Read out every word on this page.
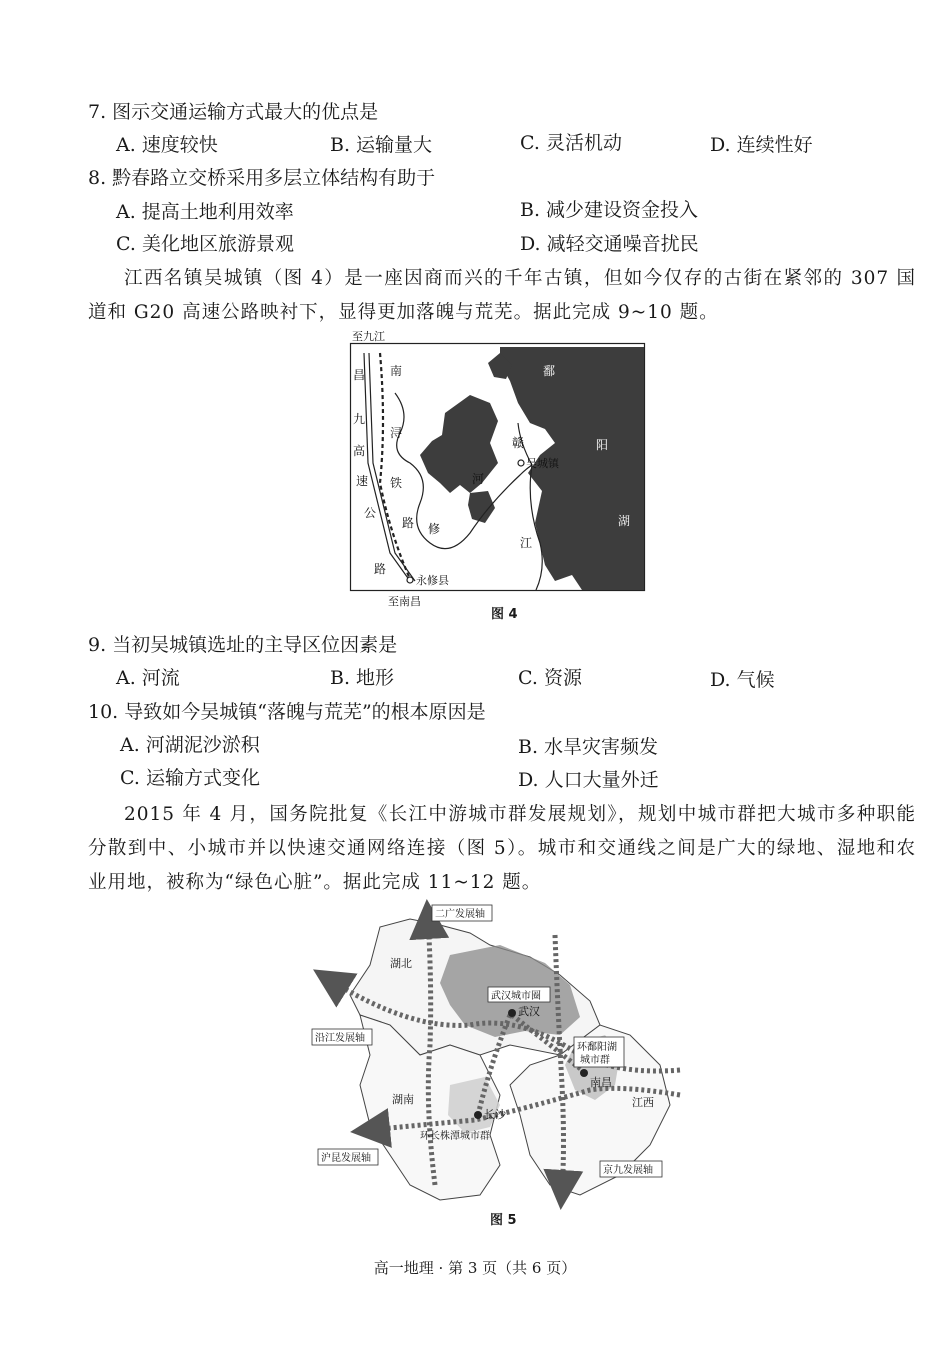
7. 图示交通运输方式最大的优点是
A. 速度较快	B. 运输量大	C. 灵活机动	D. 连续性好
8. 黔春路立交桥采用多层立体结构有助于
A. 提高土地利用效率	B. 减少建设资金投入
C. 美化地区旅游景观	D. 减轻交通噪音扰民
江西名镇吴城镇（图 4）是一座因商而兴的千年古镇，但如今仅存的古街在紧邻的 307 国道和 G20 高速公路映衬下，显得更加落魄与荒芜。据此完成 9~10 题。
至九江
吴城镇
永修县
昌
九
高
速
公
路
南
浔
铁
路 修
河
赣
江
鄱
阳
湖
至南昌
图 4
9. 当初吴城镇选址的主导区位因素是
A. 河流	B. 地形	C. 资源	D. 气候
10. 导致如今吴城镇“落魄与荒芜”的根本原因是
A. 河湖泥沙淤积	B. 水旱灾害频发
C. 运输方式变化	D. 人口大量外迁
2015 年 4 月，国务院批复《长江中游城市群发展规划》，规划中城市群把大城市多种职能分散到中、小城市并以快速交通网络连接（图 5）。城市和交通线之间是广大的绿地、湿地和农业用地，被称为“绿色心脏”。据此完成 11~12 题。
二广发展轴
湖北
武汉城市圈
武汉
沿江发展轴
环鄱阳湖
城市群
南昌
江西
湖南
长沙
环长株潭城市群
沪昆发展轴
京九发展轴
图 5
高一地理 · 第 3 页（共 6 页）
